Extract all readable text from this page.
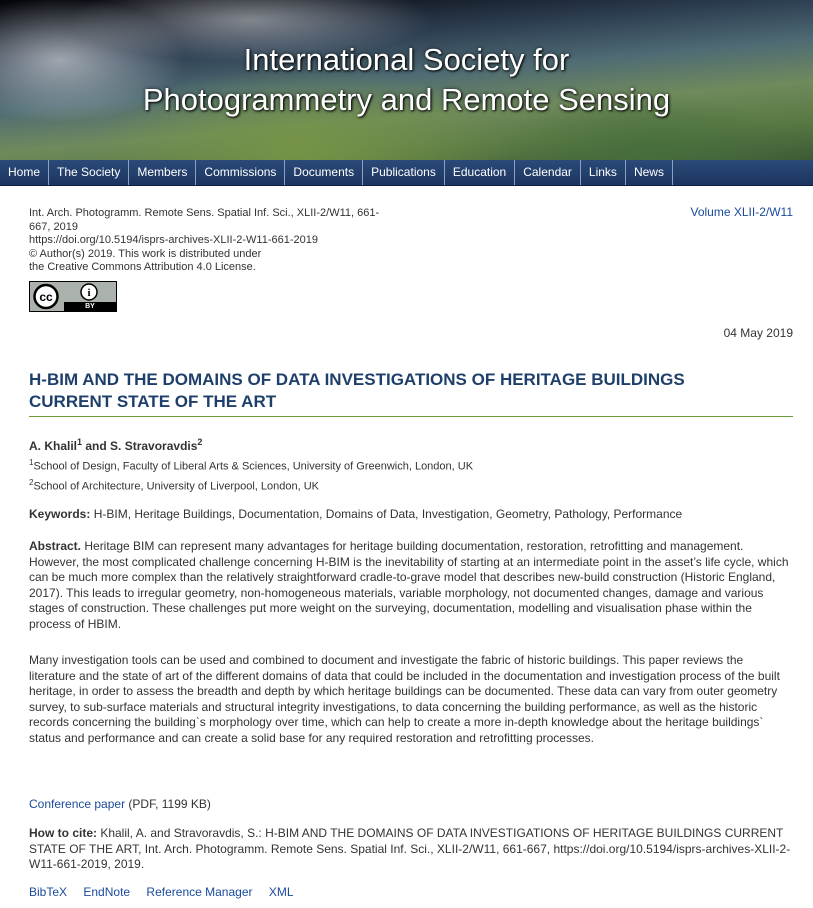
International Society for
Photogrammetry and Remote Sensing
Home	The Society	Members	Commissions	Documents	Publications	Education	Calendar	Links	News
Int. Arch. Photogramm. Remote Sens. Spatial Inf. Sci., XLII-2/W11, 661-
667, 2019
https://doi.org/10.5194/isprs-archives-XLII-2-W11-661-2019
© Author(s) 2019. This work is distributed under
the Creative Commons Attribution 4.0 License.
Volume XLII-2/W11
cc	i
BY
04 May 2019
H-BIM AND THE DOMAINS OF DATA INVESTIGATIONS OF HERITAGE BUILDINGS
CURRENT STATE OF THE ART
A. Khalil$^1$ and S. Stravoravdis$^2$
$^1$School of Design, Faculty of Liberal Arts & Sciences, University of Greenwich, London, UK
$^2$School of Architecture, University of Liverpool, London, UK
Keywords: H-BIM, Heritage Buildings, Documentation, Domains of Data, Investigation, Geometry, Pathology, Performance
Abstract. Heritage BIM can represent many advantages for heritage building documentation, restoration, retrofitting and management. However, the most complicated challenge concerning H-BIM is the inevitability of starting at an intermediate point in the asset’s life cycle, which can be much more complex than the relatively straightforward cradle-to-grave model that describes new-build construction (Historic England, 2017). This leads to irregular geometry, non-homogeneous materials, variable morphology, not documented changes, damage and various stages of construction. These challenges put more weight on the surveying, documentation, modelling and visualisation phase within the process of HBIM.
Many investigation tools can be used and combined to document and investigate the fabric of historic buildings. This paper reviews the literature and the state of art of the different domains of data that could be included in the documentation and investigation process of the built heritage, in order to assess the breadth and depth by which heritage buildings can be documented. These data can vary from outer geometry survey, to sub-surface materials and structural integrity investigations, to data concerning the building performance, as well as the historic records concerning the building`s morphology over time, which can help to create a more in-depth knowledge about the heritage buildings` status and performance and can create a solid base for any required restoration and retrofitting processes.
Conference paper (PDF, 1199 KB)
How to cite: Khalil, A. and Stravoravdis, S.: H-BIM AND THE DOMAINS OF DATA INVESTIGATIONS OF HERITAGE BUILDINGS CURRENT STATE OF THE ART, Int. Arch. Photogramm. Remote Sens. Spatial Inf. Sci., XLII-2/W11, 661-667, https://doi.org/10.5194/isprs-archives-XLII-2-W11-661-2019, 2019.
BibTeX EndNote Reference Manager XML
